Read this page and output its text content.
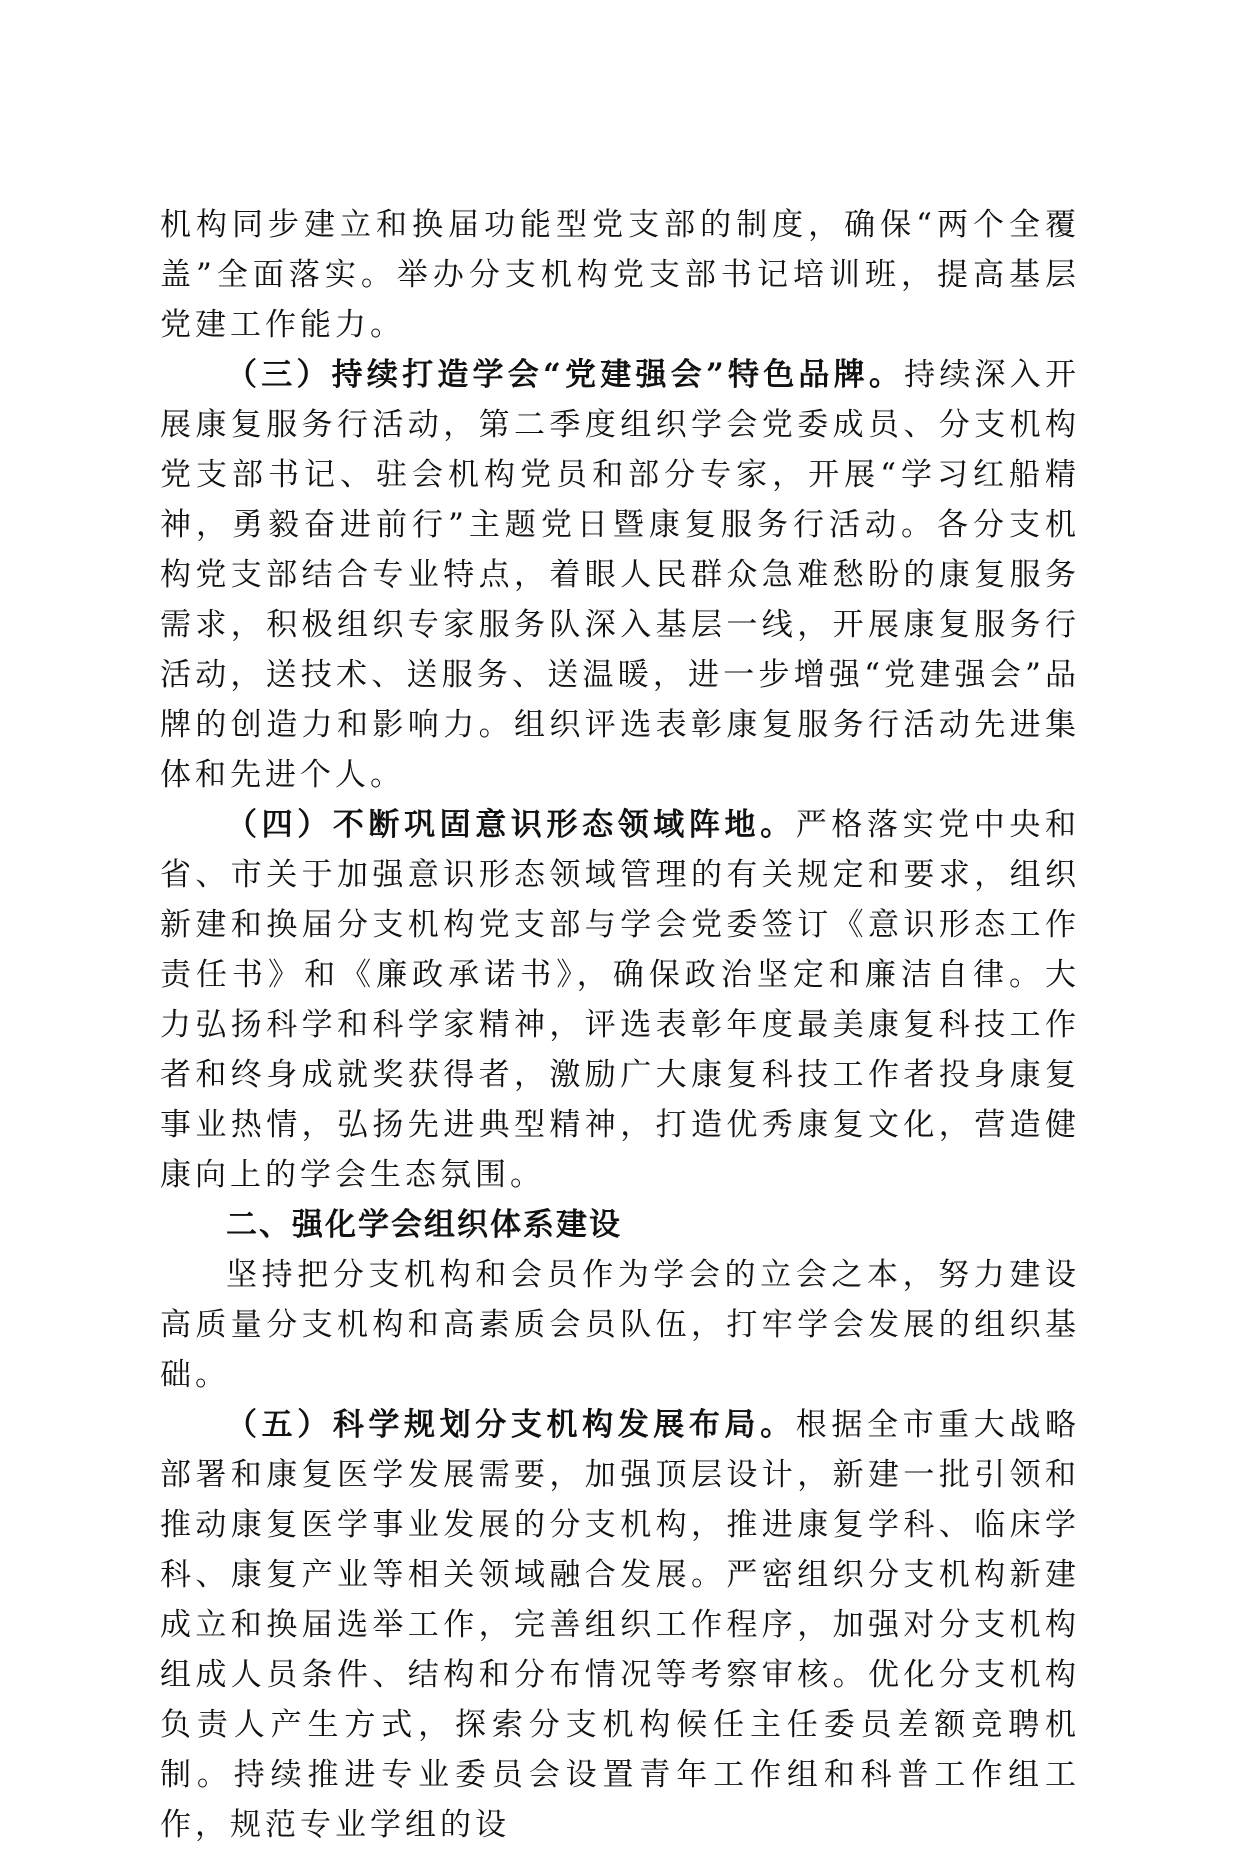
机构同步建立和换届功能型党支部的制度，确保“两个全覆盖”全面落实。举办分支机构党支部书记培训班，提高基层党建工作能力。

（三）持续打造学会“党建强会”特色品牌。持续深入开展康复服务行活动，第二季度组织学会党委成员、分支机构党支部书记、驻会机构党员和部分专家，开展“学习红船精神，勇毅奋进前行”主题党日暨康复服务行活动。各分支机构党支部结合专业特点，着眼人民群众急难愁盼的康复服务需求，积极组织专家服务队深入基层一线，开展康复服务行活动，送技术、送服务、送温暖，进一步增强“党建强会”品牌的创造力和影响力。组织评选表彰康复服务行活动先进集体和先进个人。

（四）不断巩固意识形态领域阵地。严格落实党中央和省、市关于加强意识形态领域管理的有关规定和要求，组织新建和换届分支机构党支部与学会党委签订《意识形态工作责任书》和《廉政承诺书》，确保政治坚定和廉洁自律。大力弘扬科学和科学家精神，评选表彰年度最美康复科技工作者和终身成就奖获得者，激励广大康复科技工作者投身康复事业热情，弘扬先进典型精神，打造优秀康复文化，营造健康向上的学会生态氛围。

二、强化学会组织体系建设

坚持把分支机构和会员作为学会的立会之本，努力建设高质量分支机构和高素质会员队伍，打牢学会发展的组织基础。

（五）科学规划分支机构发展布局。根据全市重大战略部署和康复医学发展需要，加强顶层设计，新建一批引领和推动康复医学事业发展的分支机构，推进康复学科、临床学科、康复产业等相关领域融合发展。严密组织分支机构新建成立和换届选举工作，完善组织工作程序，加强对分支机构组成人员条件、结构和分布情况等考察审核。优化分支机构负责人产生方式，探索分支机构候任主任委员差额竞聘机制。持续推进专业委员会设置青年工作组和科普工作组工作，规范专业学组的设
